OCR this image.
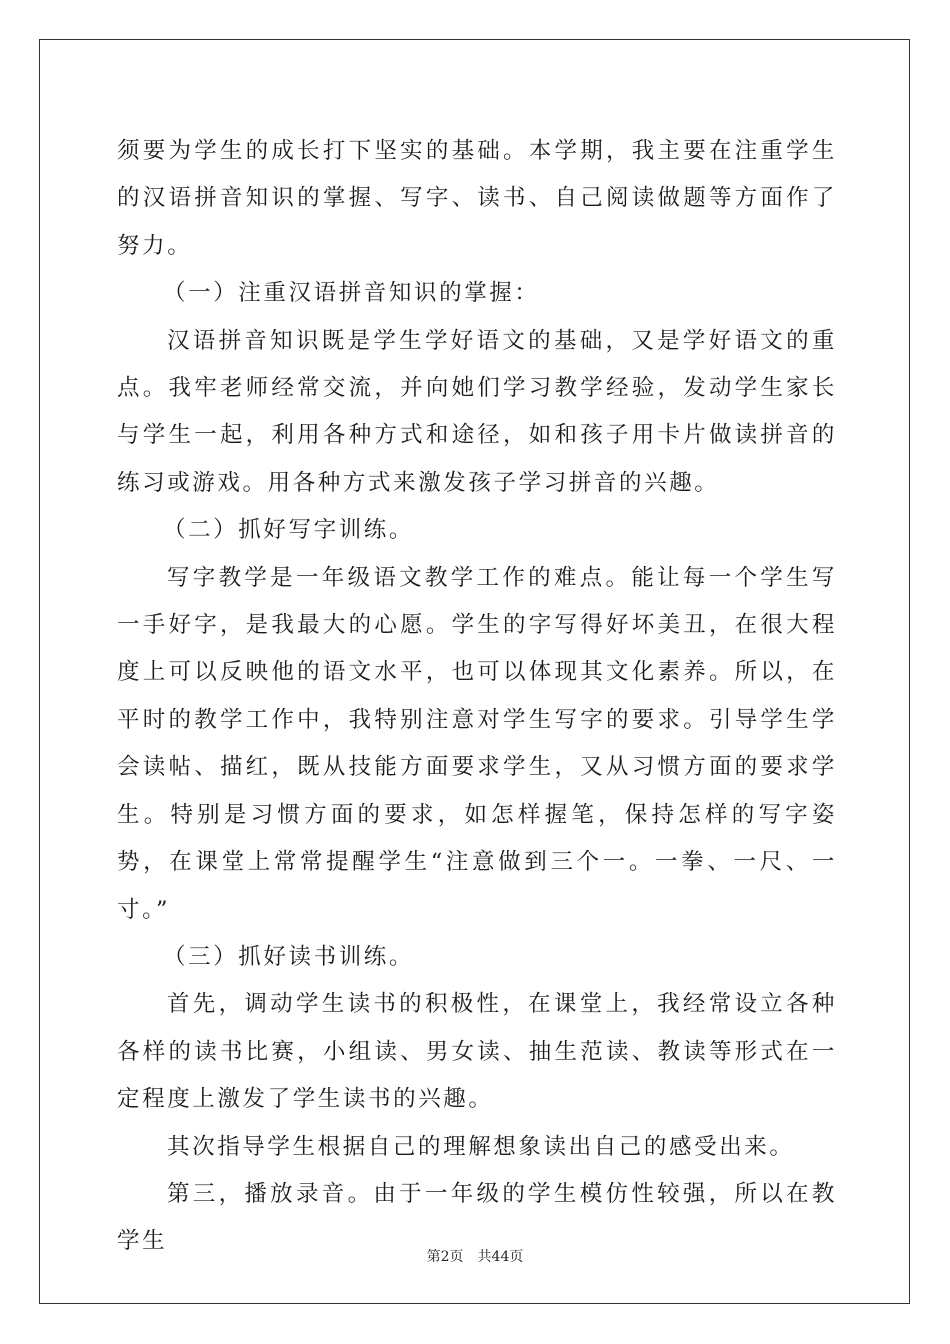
须要为学生的成长打下坚实的基础。本学期，我主要在注重学生的汉语拼音知识的掌握、写字、读书、自己阅读做题等方面作了努力。

（一）注重汉语拼音知识的掌握：

汉语拼音知识既是学生学好语文的基础，又是学好语文的重点。我牢老师经常交流，并向她们学习教学经验，发动学生家长与学生一起，利用各种方式和途径，如和孩子用卡片做读拼音的练习或游戏。用各种方式来激发孩子学习拼音的兴趣。

（二）抓好写字训练。

写字教学是一年级语文教学工作的难点。能让每一个学生写一手好字，是我最大的心愿。学生的字写得好坏美丑，在很大程度上可以反映他的语文水平，也可以体现其文化素养。所以，在平时的教学工作中，我特别注意对学生写字的要求。引导学生学会读帖、描红，既从技能方面要求学生，又从习惯方面的要求学生。特别是习惯方面的要求，如怎样握笔，保持怎样的写字姿势，在课堂上常常提醒学生“注意做到三个一。一拳、一尺、一寸。”

（三）抓好读书训练。

首先，调动学生读书的积极性，在课堂上，我经常设立各种各样的读书比赛，小组读、男女读、抽生范读、教读等形式在一定程度上激发了学生读书的兴趣。

其次指导学生根据自己的理解想象读出自己的感受出来。

第三，播放录音。由于一年级的学生模仿性较强，所以在教学生

第2页 共44页
